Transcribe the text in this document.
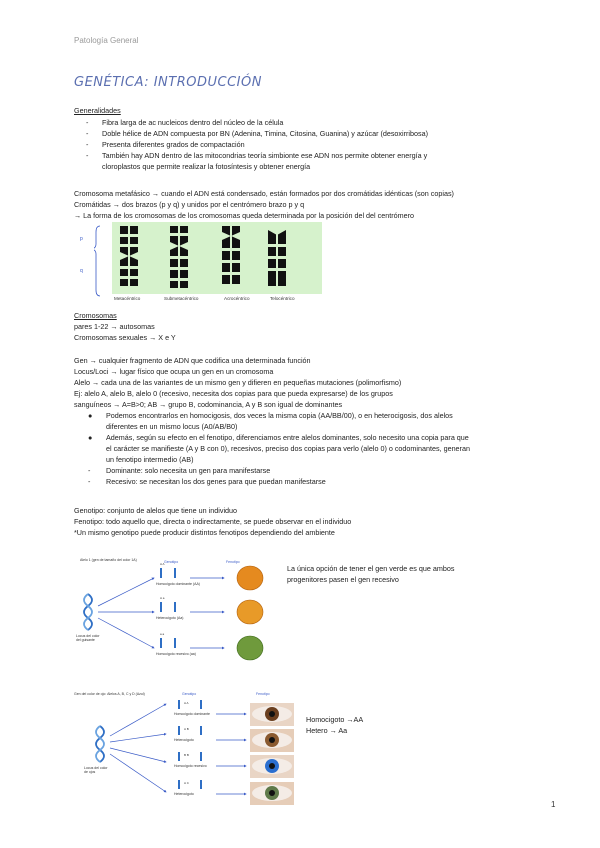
Patología General
GENÉTICA: INTRODUCCIÓN
Generalidades
- Fibra larga de ac nucleicos dentro del núcleo de la célula
- Doble hélice de ADN compuesta por BN (Adenina, Timina, Citosina, Guanina) y azúcar (desoxirribosa)
- Presenta diferentes grados de compactación
- También hay ADN dentro de las mitocondrias teoría simbionte ese ADN nos permite obtener energía y
cloroplastos que permite realizar la fotosíntesis y obtener energía
Cromosoma metafásico → cuando el ADN está condensado, están formados por dos cromátidas idénticas (son copias)
Cromátidas → dos brazos (p y q) y unidos por el centrómero brazo p y q
→ La forma de los cromosomas de los cromosomas queda determinada por la posición del del centrómero
p
q
Metacéntrico	Submetacéntrico	Acrocéntrico	Telocéntrico
Cromosomas
pares 1-22 → autosomas
Cromosomas sexuales → X e Y
Gen → cualquier fragmento de ADN que codifica una determinada función
Locus/Loci → lugar físico que ocupa un gen en un cromosoma
Alelo → cada una de las variantes de un mismo gen y difieren en pequeñas mutaciones (polimorfismo)
Ej: alelo A, alelo B, alelo 0 (recesivo, necesita dos copias para que pueda expresarse) de los grupos
sanguíneos → A=B>0; AB → grupo B, codominancia, A y B son igual de dominantes
● Podemos encontrarlos en homocigosis, dos veces la misma copia (AA/BB/00), o en heterocigosis, dos alelos
diferentes en un mismo locus (A0/AB/B0)
● Además, según su efecto en el fenotipo, diferenciamos entre alelos dominantes, solo necesito una copia para que
el carácter se manifieste (A y B con 0), recesivos, preciso dos copias para verlo (alelo 0) o codominantes, generan
un fenotipo intermedio (AB)
- Dominante: solo necesita un gen para manifestarse
- Recesivo: se necesitan los dos genes para que puedan manifestarse
Genotipo: conjunto de alelos que tiene un individuo
Fenotipo: todo aquello que, directa o indirectamente, se puede observar en el individuo
*Un mismo genotipo puede producir distintos fenotipos dependiendo del ambiente
Alelo 1 (gen de tamaño del color 1A)	Genotipo	Fenotipo
Homocigoto dominante (AA)
Heterocigoto (Aa)
Homocigoto recesivo (aa)
A A
A a
a a
Locus del color
del guisante
La única opción de tener el gen verde es que ambos
progenitores pasen el gen recesivo
Gen del color de ojo: Alelos A, B, C y D (Azul)	Genotipo	Fenotipo
Homocigoto dominante
Heterocigoto
Homocigoto recesivo
Heterocigoto
A A
A B
B B
A C
Locus del color
de ojos
Homocigoto →AA
Hetero → Aa
1
